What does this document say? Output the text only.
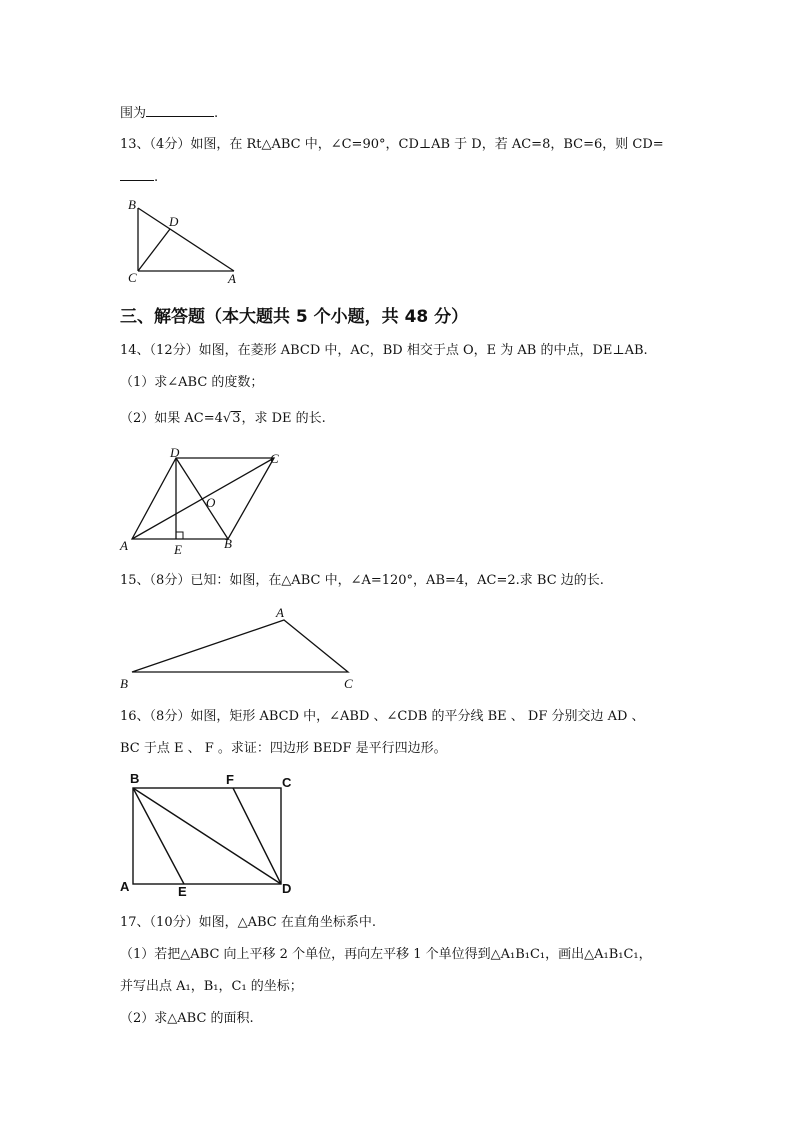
围为	.
13、（4分）如图，在 Rt△ABC 中，∠C=90°，CD⊥AB 于 D，若 AC=8，BC=6，则 CD=
.
B
D
C	A
三、解答题（本大题共 5 个小题，共 48 分）
14、（12分）如图，在菱形 ABCD 中，AC，BD 相交于点 O，E 为 AB 的中点，DE⊥AB.
（1）求∠ABC 的度数；
（2）如果 AC=4√3，求 DE 的长.
D	C
O
A	E	B
15、（8分）已知：如图，在△ABC 中，∠A=120°，AB=4，AC=2.求 BC 边的长.
A
B	C
16、（8分）如图，矩形 ABCD 中，∠ABD 、∠CDB 的平分线 BE 、 DF 分别交边 AD 、
BC 于点 E 、 F 。求证：四边形 BEDF 是平行四边形。
B	F	C
A	E	D
17、（10分）如图，△ABC 在直角坐标系中.
（1）若把△ABC 向上平移 2 个单位，再向左平移 1 个单位得到△A₁B₁C₁，画出△A₁B₁C₁，
并写出点 A₁，B₁，C₁ 的坐标；
（2）求△ABC 的面积.
